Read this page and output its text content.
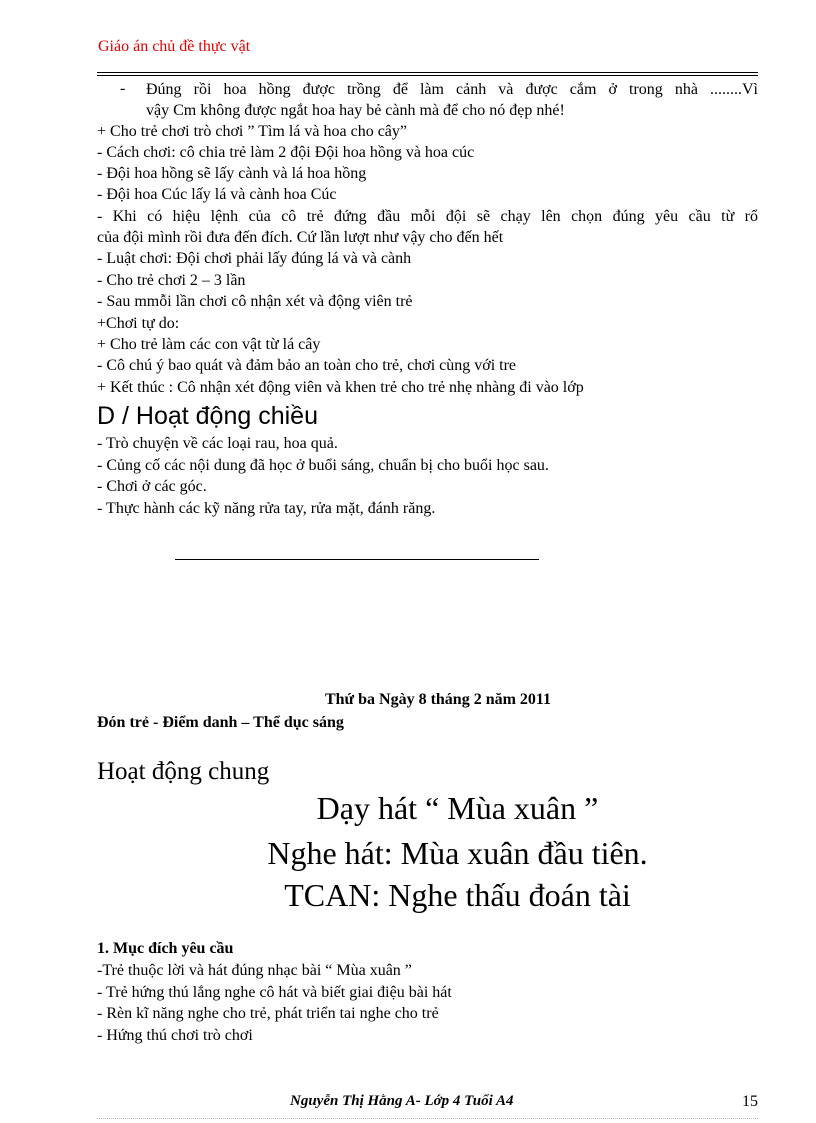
Giáo án chủ đề thực vật
- Đúng rồi hoa hồng được trồng để làm cảnh và được cắm ở trong nhà ........Vì
vậy Cm không được ngắt hoa hay bẻ cành mà để cho nó đẹp nhé!
+ Cho trẻ chơi trò chơi ” Tìm lá và hoa cho cây”
- Cách chơi: cô chia trẻ làm 2 đội Đội hoa hồng và hoa cúc
- Đội hoa hồng sẽ lấy cành và lá hoa hồng
- Đội hoa Cúc lấy lá và cành hoa Cúc
- Khi có hiệu lệnh của cô trẻ đứng đầu mỗi đội sẽ chạy lên chọn đúng yêu cầu từ rổ
của đội mình rồi đưa đến đích. Cứ lần lượt như vậy cho đến hết
- Luật chơi: Đội chơi phải lấy đúng lá và và cành
- Cho trẻ chơi 2 – 3 lần
- Sau mmỗi lần chơi cô nhận xét và động viên trẻ
+Chơi tự do:
+ Cho trẻ làm các con vật từ lá cây
- Cô chú ý bao quát và đảm bảo an toàn cho trẻ, chơi cùng với tre
+ Kết thúc : Cô nhận xét động viên và khen trẻ cho trẻ nhẹ nhàng đi vào lớp
D / Hoạt động chiều
- Trò chuyện về các loại rau, hoa quả.
- Củng cố các nội dung đã học ở buổi sáng, chuẩn bị cho buổi học sau.
- Chơi ở các góc.
- Thực hành các kỹ năng rửa tay, rửa mặt, đánh răng.
Thứ ba Ngày 8 tháng 2 năm 2011
Đón trẻ - Điểm danh – Thể dục sáng
Hoạt động chung
Dạy hát “ Mùa xuân ”
Nghe hát: Mùa xuân đầu tiên.
TCAN: Nghe thấu đoán tài
1. Mục đích yêu cầu
-Trẻ thuộc lời và hát đúng nhạc bài “ Mùa xuân ”
- Trẻ hứng thú lắng nghe cô hát và biết giai điệu bài hát
- Rèn kĩ năng nghe cho trẻ, phát triển tai nghe cho trẻ
- Hứng thú chơi trò chơi
Nguyễn Thị Hằng A- Lớp 4 Tuổi A4	15
